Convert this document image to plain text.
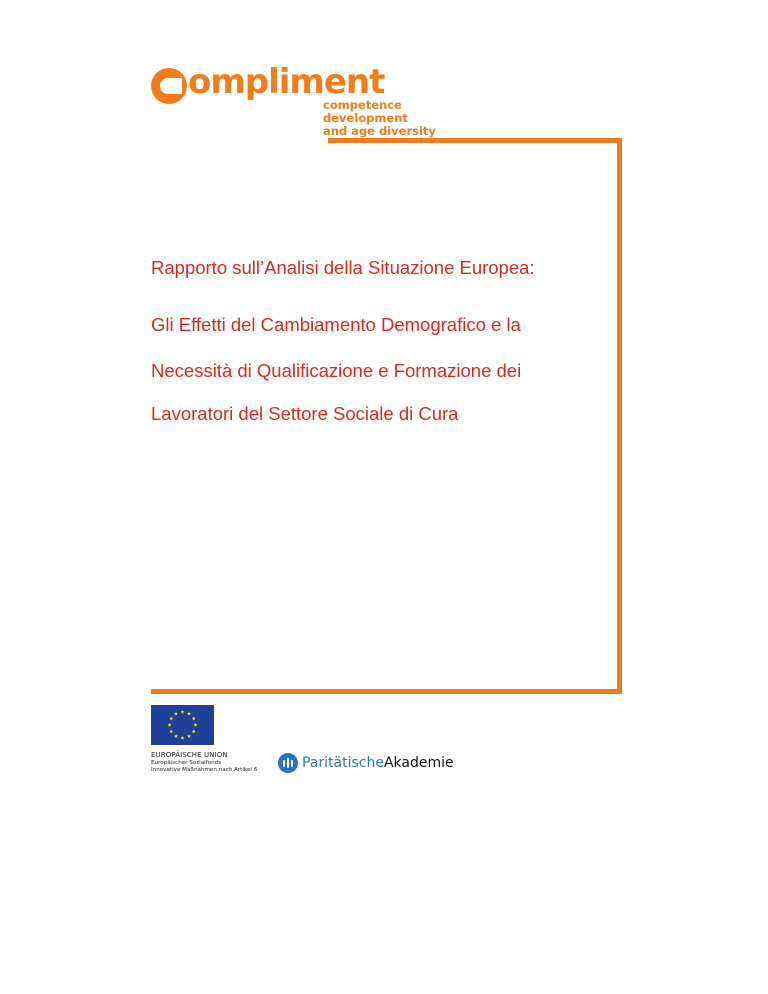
ompliment
competence development
and age diversity
Rapporto sull’Analisi della Situazione Europea:
Gli Effetti del Cambiamento Demografico e la
Necessità di Qualificazione e Formazione dei
Lavoratori del Settore Sociale di Cura
EUROPÄISCHE UNION
Europäischer Sozialfonds
Innovative Maßnahmen nach Artikel 6	ParitätischeAkademie
